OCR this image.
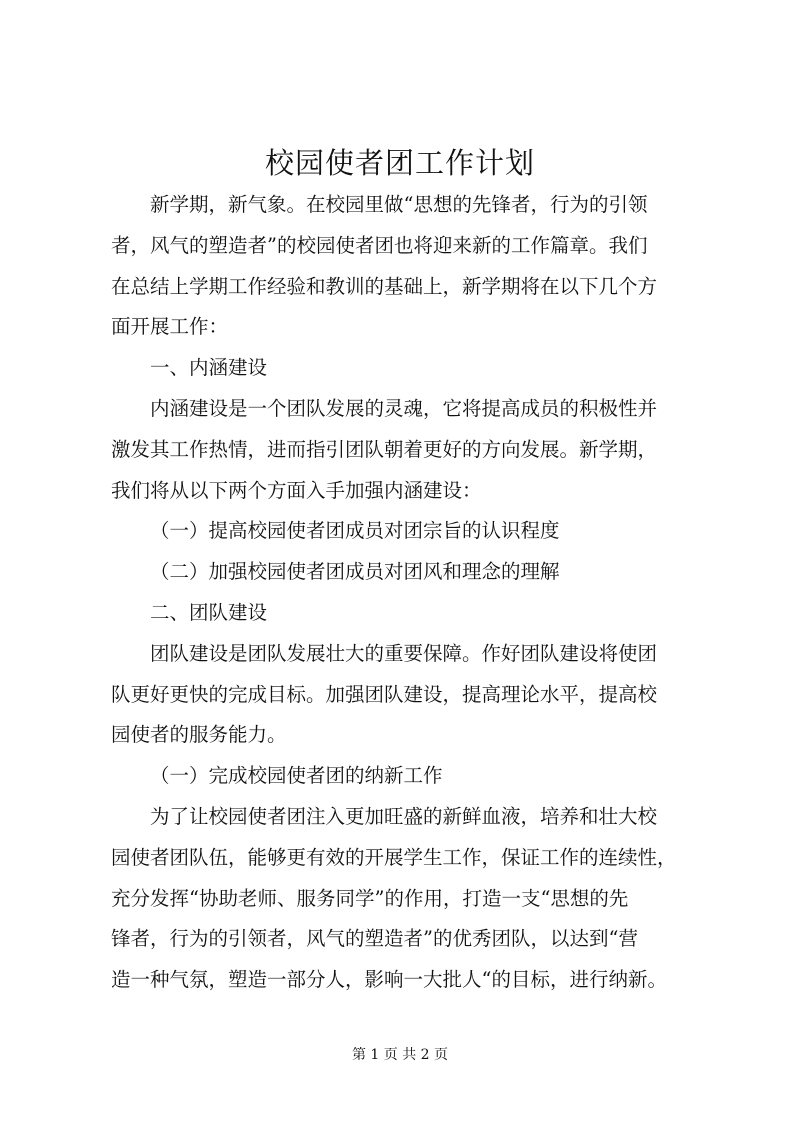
校园使者团工作计划
新学期，新气象。在校园里做“思想的先锋者，行为的引领
者，风气的塑造者”的校园使者团也将迎来新的工作篇章。我们
在总结上学期工作经验和教训的基础上，新学期将在以下几个方
面开展工作：
一、内涵建设
内涵建设是一个团队发展的灵魂，它将提高成员的积极性并
激发其工作热情，进而指引团队朝着更好的方向发展。新学期，
我们将从以下两个方面入手加强内涵建设：
（一）提高校园使者团成员对团宗旨的认识程度
（二）加强校园使者团成员对团风和理念的理解
二、团队建设
团队建设是团队发展壮大的重要保障。作好团队建设将使团
队更好更快的完成目标。加强团队建设，提高理论水平，提高校
园使者的服务能力。
（一）完成校园使者团的纳新工作
为了让校园使者团注入更加旺盛的新鲜血液，培养和壮大校
园使者团队伍，能够更有效的开展学生工作，保证工作的连续性，
充分发挥“协助老师、服务同学”的作用，打造一支“思想的先
锋者，行为的引领者，风气的塑造者”的优秀团队，以达到“营
造一种气氛，塑造一部分人，影响一大批人“的目标，进行纳新。
第 1 页 共 2 页
